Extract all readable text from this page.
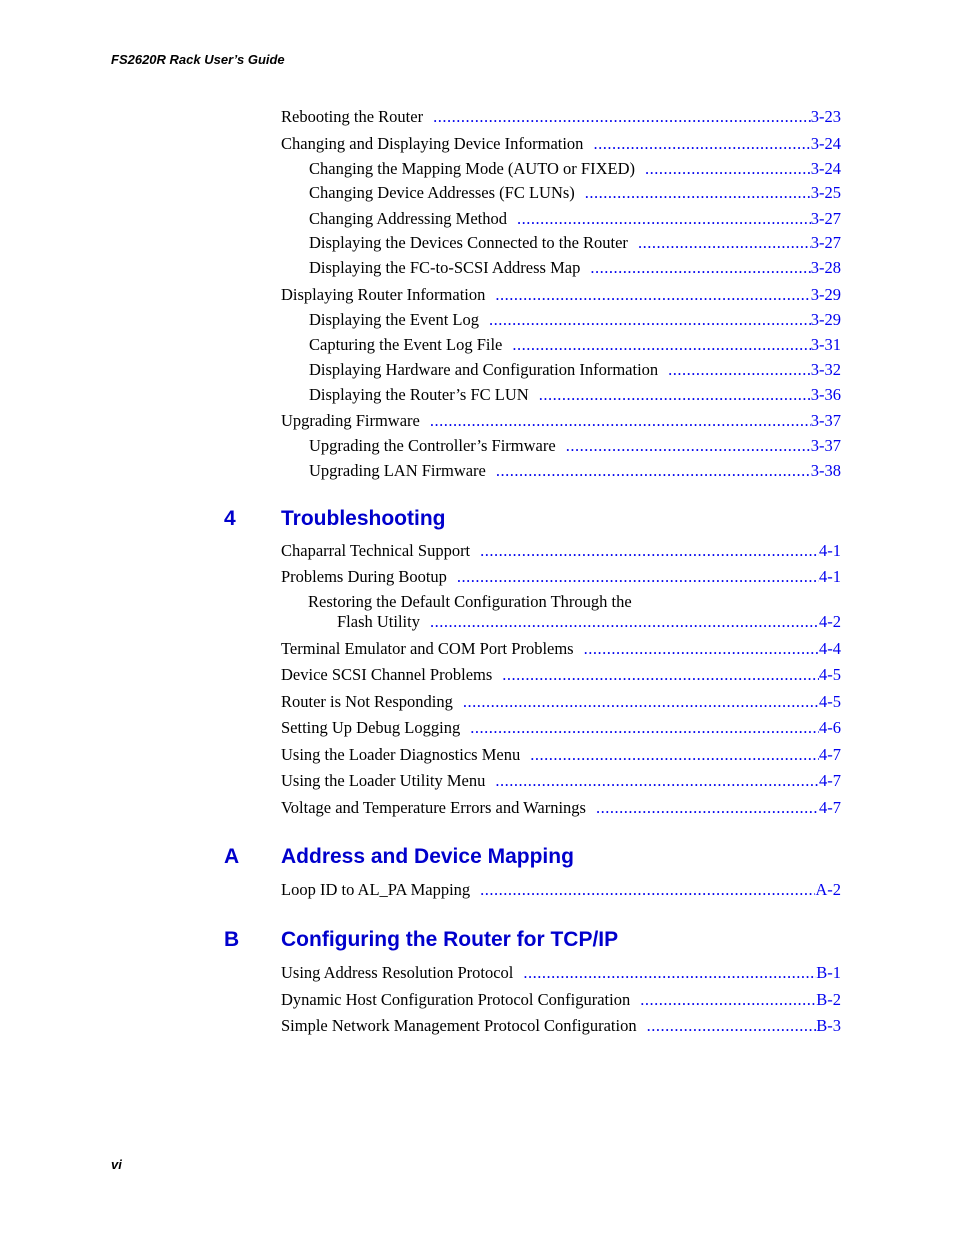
FS2620R Rack User’s Guide
Rebooting the Router .....	3-23
Changing and Displaying Device Information .....	3-24
Changing the Mapping Mode (AUTO or FIXED) .....	3-24
Changing Device Addresses (FC LUNs) .....	3-25
Changing Addressing Method .....	3-27
Displaying the Devices Connected to the Router .....	3-27
Displaying the FC-to-SCSI Address Map .....	3-28
Displaying Router Information .....	3-29
Displaying the Event Log .....	3-29
Capturing the Event Log File .....	3-31
Displaying Hardware and Configuration Information .....	3-32
Displaying the Router’s FC LUN .....	3-36
Upgrading Firmware .....	3-37
Upgrading the Controller’s Firmware .....	3-37
Upgrading LAN Firmware .....	3-38
4 Troubleshooting
Chaparral Technical Support .....	4-1
Problems During Bootup .....	4-1
Restoring the Default Configuration Through the
Flash Utility .....	4-2
Terminal Emulator and COM Port Problems .....	4-4
Device SCSI Channel Problems .....	4-5
Router is Not Responding .....	4-5
Setting Up Debug Logging .....	4-6
Using the Loader Diagnostics Menu .....	4-7
Using the Loader Utility Menu .....	4-7
Voltage and Temperature Errors and Warnings .....	4-7
A Address and Device Mapping
Loop ID to AL_PA Mapping .....	A-2
B Configuring the Router for TCP/IP
Using Address Resolution Protocol .....	B-1
Dynamic Host Configuration Protocol Configuration .....	B-2
Simple Network Management Protocol Configuration .....	B-3
vi
